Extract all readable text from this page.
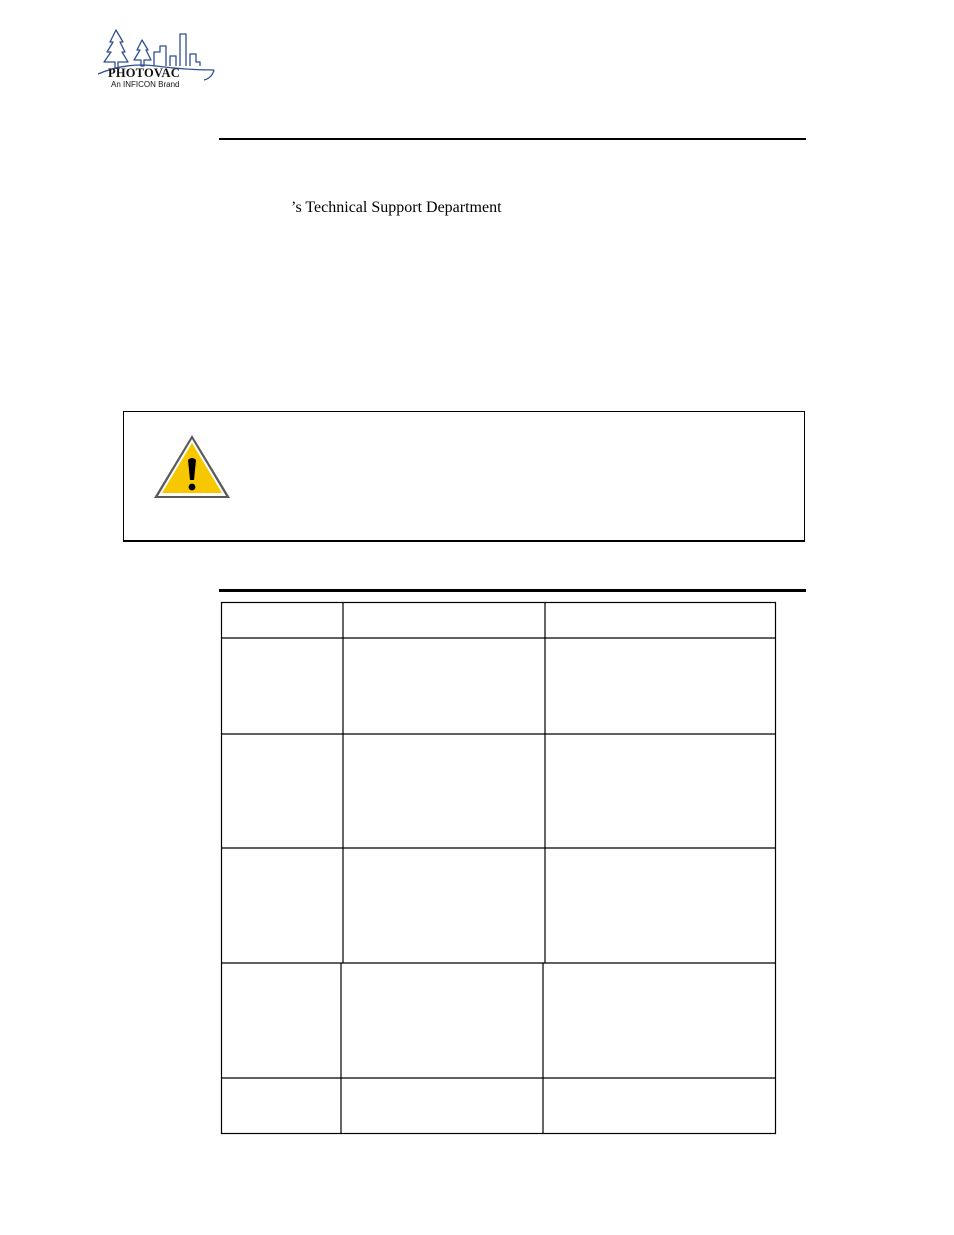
PHOTOVAC
An INFICON Brand
’s Technical Support Department
